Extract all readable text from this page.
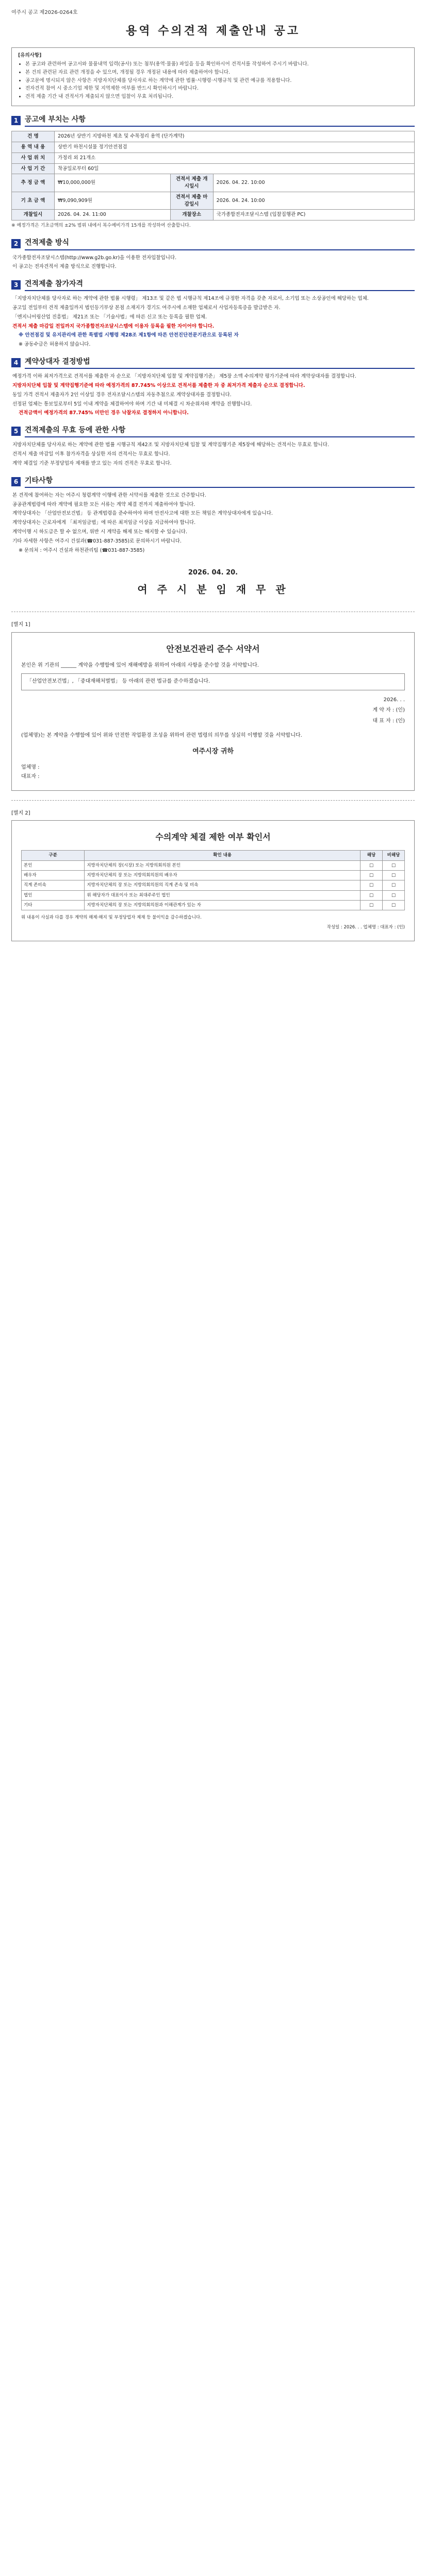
여주시 공고 제2026-0264호
용역 수의견적 제출안내 공고
[유의사항]
• 본 공고와 관련하여 공고서와 물품내역 입력(공사) 또는 첨부(용역·물품) 파일을 등을 확인하시어 견적서를 작성하여 주시기 바랍니다.
• 본 건의 관련된 자료 관련 개정을 수 있으며, 개정될 경우 개정된 내용에 따라 제출하여야 합니다.
• 공고문에 명시되지 않은 사항은 지방자치단체를 당사자로 하는 계약에 관한 법률·시행령·시행규칙 및 관련 예규를 적용합니다.
• 전자견적 참여 시 중소기업 제한 및 지역제한 여부를 반드시 확인하시기 바랍니다.
• 견적 제출 기간 내 견적서가 제출되지 않으면 입찰이 무효 처리됩니다.
1 공고에 부치는 사항
건 명	2026년 상반기 지방하천 제초 및 수목정리 용역 (단가계약)		
용 역 내 용	상반기 하천시설물 정기안전점검		
사 업 위 치	가정리 외 21개소		
사 업 기 간	착공일로부터 60일		
추 정 금 액	₩10,000,000원	견적서 제출 개시일시	2026. 04. 22. 10:00
기 초 금 액	₩9,090,909원	견적서 제출 마감일시	2026. 04. 24. 10:00
개찰일시	2026. 04. 24. 11:00	개찰장소	국가종합전자조달시스템 (입찰집행관 PC)
※ 예정가격은 기초금액의 ±2% 범위 내에서 복수예비가격 15개를 작성하여 산출합니다.
2 견적제출 방식

국가종합전자조달시스템(http://www.g2b.go.kr)을 이용한 전자입찰입니다.

이 공고는 전자견적서 제출 방식으로 진행합니다.

3 견적제출 참가자격

「지방자치단체를 당사자로 하는 계약에 관한 법률 시행령」 제13조 및 같은 법 시행규칙 제14조에 규정한 자격을 갖춘 자로서, 소기업 또는 소상공인에 해당하는 업체.

공고일 전일부터 견적 제출일까지 법인등기부상 본점 소재지가 경기도 여주시에 소재한 업체로서 사업자등록증을 발급받은 자.

「엔지니어링산업 진흥법」 제21조 또는 「기술사법」에 따른 신고 또는 등록을 필한 업체.

견적서 제출 마감일 전일까지 국가종합전자조달시스템에 이용자 등록을 필한 자이어야 합니다.

※ 안전점검 및 유지관리에 관한 특별법 시행령 제28조 제1항에 따른 안전진단전문기관으로 등록된 자

※ 공동수급은 허용하지 않습니다.

4 계약상대자 결정방법

예정가격 이하 최저가격으로 견적서를 제출한 자 순으로 「지방자치단체 입찰 및 계약집행기준」 제5장 소액 수의계약 평가기준에 따라 계약상대자를 결정합니다.

지방자치단체 입찰 및 계약집행기준에 따라 예정가격의 87.745% 이상으로 견적서를 제출한 자 중 최저가격 제출자 순으로 결정합니다.

동일 가격 견적서 제출자가 2인 이상일 경우 전자조달시스템의 자동추첨으로 계약상대자를 결정합니다.

선정된 업체는 통보일로부터 5일 이내 계약을 체결하여야 하며 기간 내 미체결 시 차순위자와 계약을 진행합니다.

견적금액이 예정가격의 87.745% 미만인 경우 낙찰자로 결정하지 아니합니다.

5 견적제출의 무효 등에 관한 사항

지방자치단체를 당사자로 하는 계약에 관한 법률 시행규칙 제42조 및 지방자치단체 입찰 및 계약집행기준 제5장에 해당하는 견적서는 무효로 합니다.

견적서 제출 마감일 이후 참가자격을 상실한 자의 견적서는 무효로 합니다.

계약 체결일 기준 부정당업자 제재를 받고 있는 자의 견적은 무효로 합니다.

6 기타사항

본 견적에 참여하는 자는 여주시 청렴계약 이행에 관한 서약서를 제출한 것으로 간주합니다.

공공관계법령에 따라 계약에 필요한 모든 서류는 계약 체결 전까지 제출하여야 합니다.

계약상대자는 「산업안전보건법」 등 관계법령을 준수하여야 하며 안전사고에 대한 모든 책임은 계약상대자에게 있습니다.

계약상대자는 근로자에게 「최저임금법」에 따른 최저임금 이상을 지급하여야 합니다.

계약이행 시 하도급은 할 수 없으며, 위반 시 계약을 해제 또는 해지할 수 있습니다.

기타 자세한 사항은 여주시 건설과(☎031-887-3585)로 문의하시기 바랍니다.

※ 문의처 : 여주시 건설과 하천관리팀 (☎031-887-3585)

2026. 04. 20.
여 주 시 분 임 재 무 관
[별지 1]
안전보건관리 준수 서약서

본인은 위 기관의 ______ 계약을 수행함에 있어 재해예방을 위하여 아래의 사항을 준수할 것을 서약합니다.

「산업안전보건법」, 「중대재해처벌법」 등 아래의 관련 법규를 준수하겠습니다.
2026. . .
계 약 자 : (인)
대 표 자 : (인)

(업체명)는 본 계약을 수행함에 있어 위와 안전한 작업환경 조성을 위하여 관련 법령의 의무를 성실히 이행할 것을 서약합니다.

여주시장 귀하
업체명 :
대표자 :
[별지 2]
수의계약 체결 제한 여부 확인서
구분	확인 내용	해당	비해당
본인	지방자치단체의 장(시장) 또는 지방의회의원 본인	□	□
배우자	지방자치단체의 장 또는 지방의회의원의 배우자	□	□
직계 존비속	지방자치단체의 장 또는 지방의회의원의 직계 존속 및 비속	□	□
법인	위 해당자가 대표이사 또는 최대주주인 법인	□	□
기타	지방자치단체의 장 또는 지방의회의원과 이해관계가 있는 자	□	□

위 내용이 사실과 다를 경우 계약의 해제·해지 및 부정당업자 제재 등 불이익을 감수하겠습니다.

작성일 : 2026. . . 업체명 : 대표자 : (인)
